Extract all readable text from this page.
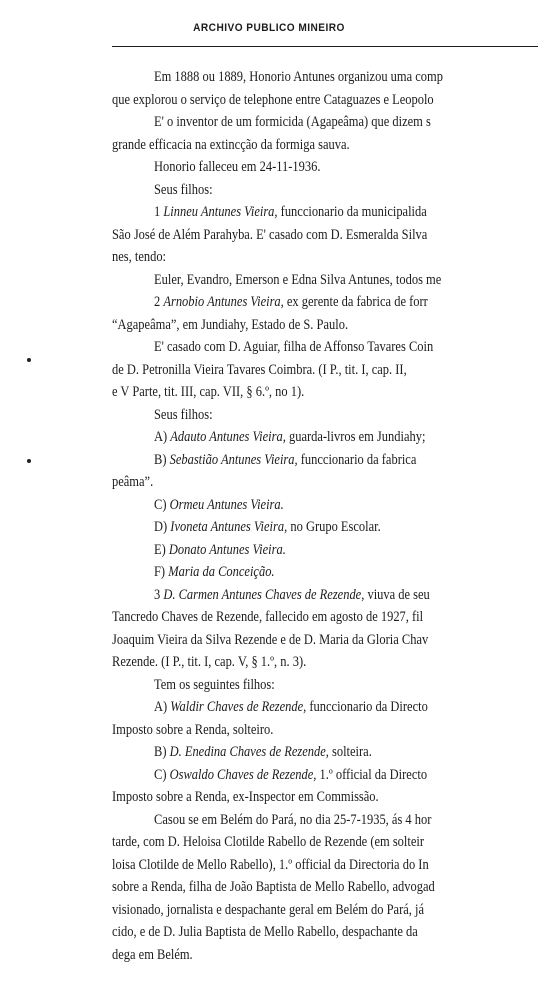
ARCHIVO PUBLICO MINEIRO
Em 1888 ou 1889, Honorio Antunes organizou uma comp
que explorou o serviço de telephone entre Cataguazes e Leopolo
E' o inventor de um formicida (Agapeâma) que dizem s
grande efficacia na extincção da formiga sauva.
Honorio falleceu em 24-11-1936.
Seus filhos:
1 Linneu Antunes Vieira, funccionario da municipalida
São José de Além Parahyba. E' casado com D. Esmeralda Silva
nes, tendo:
Euler, Evandro, Emerson e Edna Silva Antunes, todos me
2 Arnobio Antunes Vieira, ex gerente da fabrica de forr
“Agapeâma”, em Jundiahy, Estado de S. Paulo.
E' casado com D. Aguiar, filha de Affonso Tavares Coin
de D. Petronilla Vieira Tavares Coimbra. (I P., tit. I, cap. II,
e V Parte, tit. III, cap. VII, § 6.º, no 1).
Seus filhos:
A) Adauto Antunes Vieira, guarda-livros em Jundiahy;
B) Sebastião Antunes Vieira, funccionario da fabrica
peâma”.
C) Ormeu Antunes Vieira.
D) Ivoneta Antunes Vieira, no Grupo Escolar.
E) Donato Antunes Vieira.
F) Maria da Conceição.
3 D. Carmen Antunes Chaves de Rezende, viuva de seu
Tancredo Chaves de Rezende, fallecido em agosto de 1927, fil
Joaquim Vieira da Silva Rezende e de D. Maria da Gloria Chav
Rezende. (I P., tit. I, cap. V, § 1.º, n. 3).
Tem os seguintes filhos:
A) Waldir Chaves de Rezende, funccionario da Directo
Imposto sobre a Renda, solteiro.
B) D. Enedina Chaves de Rezende, solteira.
C) Oswaldo Chaves de Rezende, 1.º official da Directo
Imposto sobre a Renda, ex-Inspector em Commissão.
Casou se em Belém do Pará, no dia 25-7-1935, ás 4 hor
tarde, com D. Heloisa Clotilde Rabello de Rezende (em solteir
loisa Clotilde de Mello Rabello), 1.º official da Directoria do In
sobre a Renda, filha de João Baptista de Mello Rabello, advogad
visionado, jornalista e despachante geral em Belém do Pará, já
cido, e de D. Julia Baptista de Mello Rabello, despachante da
dega em Belém.
